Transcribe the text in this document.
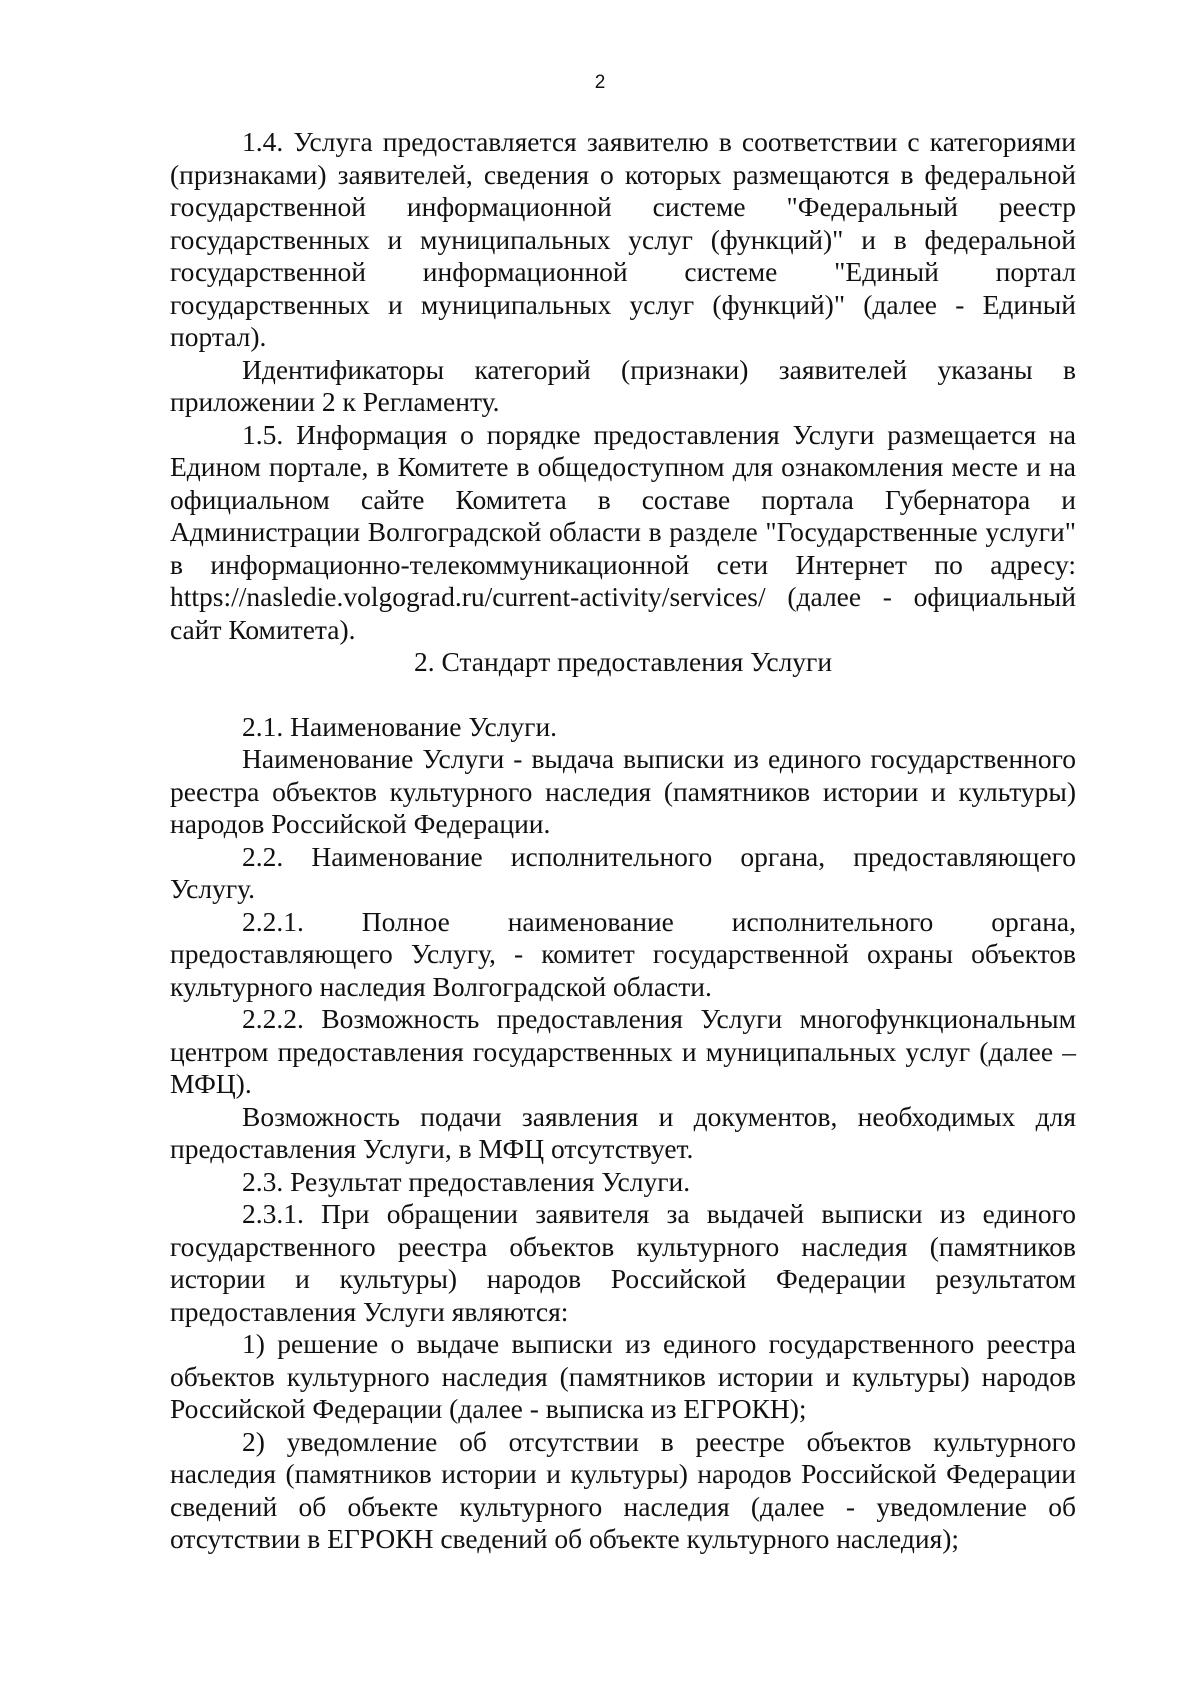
2

1.4. Услуга предоставляется заявителю в соответствии с категориями (признаками) заявителей, сведения о которых размещаются в федеральной государственной информационной системе "Федеральный реестр государственных и муниципальных услуг (функций)" и в федеральной государственной информационной системе "Единый портал государственных и муниципальных услуг (функций)" (далее - Единый портал).

Идентификаторы категорий (признаки) заявителей указаны в приложении 2 к Регламенту.

1.5. Информация о порядке предоставления Услуги размещается на Едином портале, в Комитете в общедоступном для ознакомления месте и на официальном сайте Комитета в составе портала Губернатора и Администрации Волгоградской области в разделе "Государственные услуги" в информационно-телекоммуникационной сети Интернет по адресу: https://nasledie.volgograd.ru/current-activity/services/ (далее - официальный сайт Комитета).

2. Стандарт предоставления Услуги

2.1. Наименование Услуги.

Наименование Услуги - выдача выписки из единого государственного реестра объектов культурного наследия (памятников истории и культуры) народов Российской Федерации.

2.2. Наименование исполнительного органа, предоставляющего Услугу.

2.2.1. Полное наименование исполнительного органа, предоставляющего Услугу, - комитет государственной охраны объектов культурного наследия Волгоградской области.

2.2.2. Возможность предоставления Услуги многофункциональным центром предоставления государственных и муниципальных услуг (далее – МФЦ).

Возможность подачи заявления и документов, необходимых для предоставления Услуги, в МФЦ отсутствует.

2.3. Результат предоставления Услуги.

2.3.1. При обращении заявителя за выдачей выписки из единого государственного реестра объектов культурного наследия (памятников истории и культуры) народов Российской Федерации результатом предоставления Услуги являются:

1) решение о выдаче выписки из единого государственного реестра объектов культурного наследия (памятников истории и культуры) народов Российской Федерации (далее - выписка из ЕГРОКН);

2) уведомление об отсутствии в реестре объектов культурного наследия (памятников истории и культуры) народов Российской Федерации сведений об объекте культурного наследия (далее - уведомление об отсутствии в ЕГРОКН сведений об объекте культурного наследия);
